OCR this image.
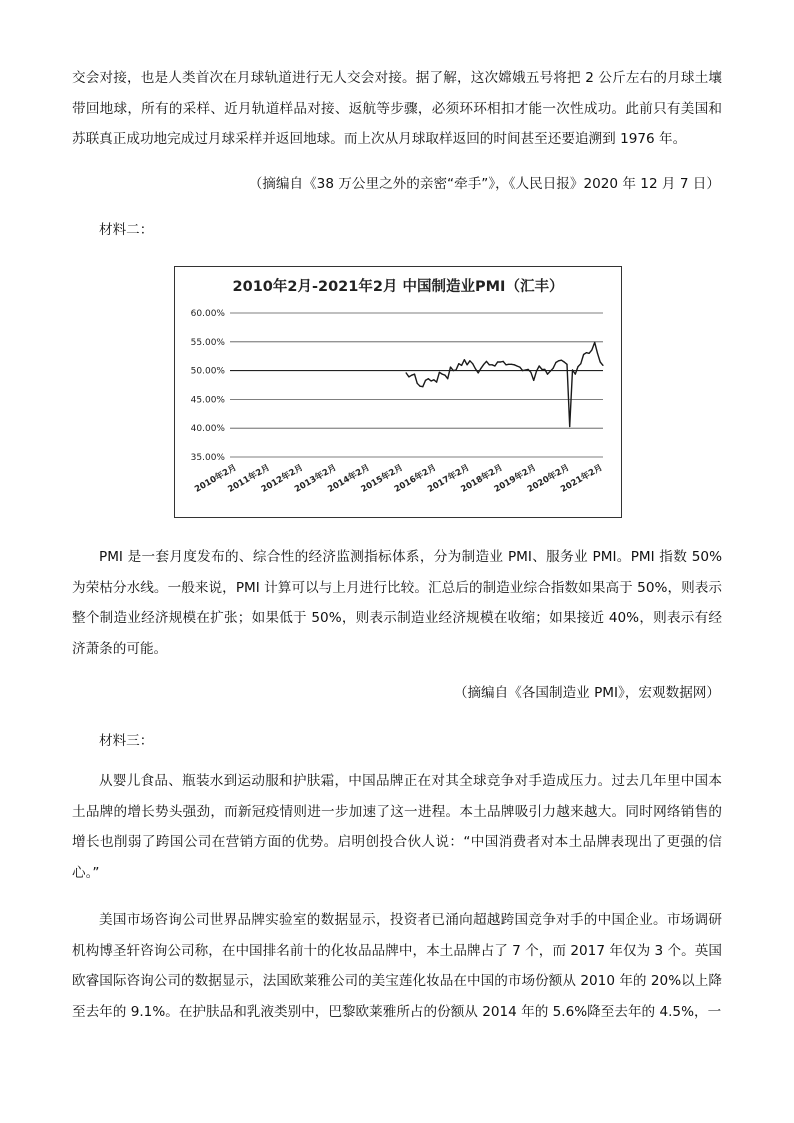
交会对接，也是人类首次在月球轨道进行无人交会对接。据了解，这次嫦娥五号将把 2 公斤左右的月球土壤带回地球，所有的采样、近月轨道样品对接、返航等步骤，必须环环相扣才能一次性成功。此前只有美国和苏联真正成功地完成过月球采样并返回地球。而上次从月球取样返回的时间甚至还要追溯到 1976 年。
（摘编自《38 万公里之外的亲密“牵手”》，《人民日报》2020 年 12 月 7 日）
材料二：
2010年2月-2021年2月 中国制造业PMI（汇丰）
60.00%
55.00%
50.00%
45.00%
40.00%
35.00%
2010年2月
2011年2月
2012年2月
2013年2月
2014年2月
2015年2月
2016年2月
2017年2月
2018年2月
2019年2月
2020年2月
2021年2月
PMI 是一套月度发布的、综合性的经济监测指标体系，分为制造业 PMI、服务业 PMI。PMI 指数 50%为荣枯分水线。一般来说，PMI 计算可以与上月进行比较。汇总后的制造业综合指数如果高于 50%，则表示整个制造业经济规模在扩张；如果低于 50%，则表示制造业经济规模在收缩；如果接近 40%，则表示有经济萧条的可能。
（摘编自《各国制造业 PMI》，宏观数据网）
材料三：
从婴儿食品、瓶装水到运动服和护肤霜，中国品牌正在对其全球竞争对手造成压力。过去几年里中国本土品牌的增长势头强劲，而新冠疫情则进一步加速了这一进程。本土品牌吸引力越来越大。同时网络销售的增长也削弱了跨国公司在营销方面的优势。启明创投合伙人说：“中国消费者对本土品牌表现出了更强的信心。”
美国市场咨询公司世界品牌实验室的数据显示，投资者已涌向超越跨国竞争对手的中国企业。市场调研机构博圣轩咨询公司称，在中国排名前十的化妆品品牌中，本土品牌占了 7 个，而 2017 年仅为 3 个。英国欧睿国际咨询公司的数据显示，法国欧莱雅公司的美宝莲化妆品在中国的市场份额从 2010 年的 20%以上降至去年的 9.1%。在护肤品和乳液类别中，巴黎欧莱雅所占的份额从 2014 年的 5.6%降至去年的 4.5%，一
